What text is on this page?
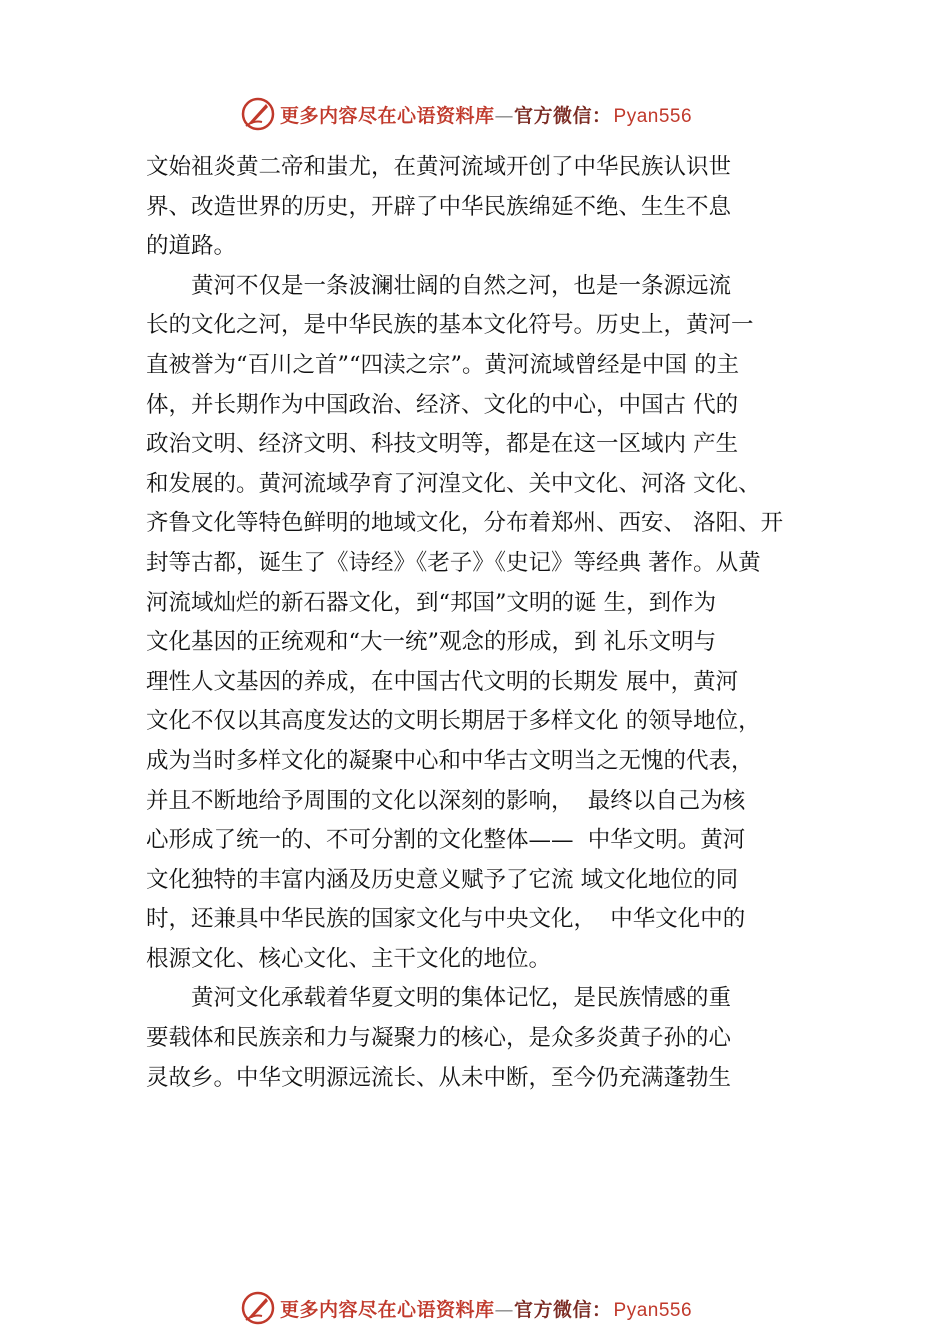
更多内容尽在心语资料库—官方微信： Pyan556
文始祖炎黄二帝和蚩尤，在黄河流域开创了中华民族认识世
界、改造世界的历史，开辟了中华民族绵延不绝、生生不息
的道路。
　　黄河不仅是一条波澜壮阔的自然之河，也是一条源远流
长的文化之河，是中华民族的基本文化符号。历史上，黄河一
直被誉为“百川之首”“四渎之宗”。黄河流域曾经是中国 的主
体，并长期作为中国政治、经济、文化的中心，中国古 代的
政治文明、经济文明、科技文明等，都是在这一区域内 产生
和发展的。黄河流域孕育了河湟文化、关中文化、河洛 文化、
齐鲁文化等特色鲜明的地域文化，分布着郑州、西安、 洛阳、开
封等古都，诞生了《诗经》《老子》《史记》等经典 著作。从黄
河流域灿烂的新石器文化，到“邦国”文明的诞 生，到作为
文化基因的正统观和“大一统”观念的形成，到 礼乐文明与
理性人文基因的养成，在中国古代文明的长期发 展中，黄河
文化不仅以其高度发达的文明长期居于多样文化 的领导地位，
成为当时多样文化的凝聚中心和中华古文明当之无愧的代表，
并且不断地给予周围的文化以深刻的影响，  最终以自己为核
心形成了统一的、不可分割的文化整体——  中华文明。黄河
文化独特的丰富内涵及历史意义赋予了它流 域文化地位的同
时，还兼具中华民族的国家文化与中央文化，  中华文化中的
根源文化、核心文化、主干文化的地位。
　　黄河文化承载着华夏文明的集体记忆，是民族情感的重
要载体和民族亲和力与凝聚力的核心，是众多炎黄子孙的心
灵故乡。中华文明源远流长、从未中断，至今仍充满蓬勃生
更多内容尽在心语资料库—官方微信： Pyan556
